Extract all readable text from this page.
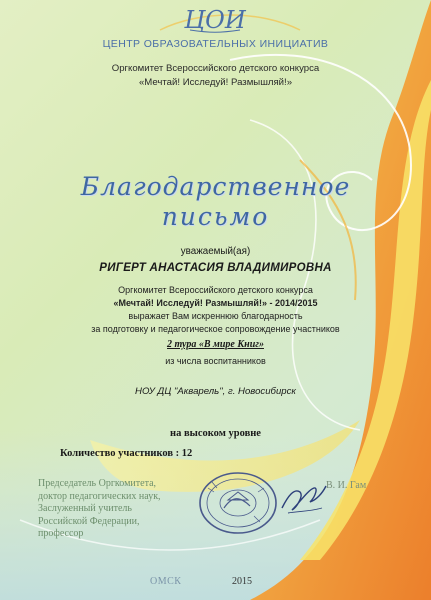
ЦОИ
ЦЕНТР ОБРАЗОВАТЕЛЬНЫХ ИНИЦИАТИВ
Оргкомитет Всероссийского детского конкурса
«Мечтай! Исследуй! Размышляй!»
Благодарственное
письмо
уважаемый(ая)
РИГЕРТ АНАСТАСИЯ ВЛАДИМИРОВНА
Оргкомитет Всероссийского детского конкурса
«Мечтай! Исследуй! Размышляй!» - 2014/2015
выражает Вам искреннюю благодарность
за подготовку и педагогическое сопровождение участников
2 тура «В мире Книг»
из числа воспитанников
НОУ ДЦ "Акварель", г. Новосибирск
на высоком уровне
Количество участников : 12
Председатель Оргкомитета,
доктор педагогических наук,
Заслуженный учитель
Российской Федерации,
профессор
В. И. Гам
ОМСК	2015
